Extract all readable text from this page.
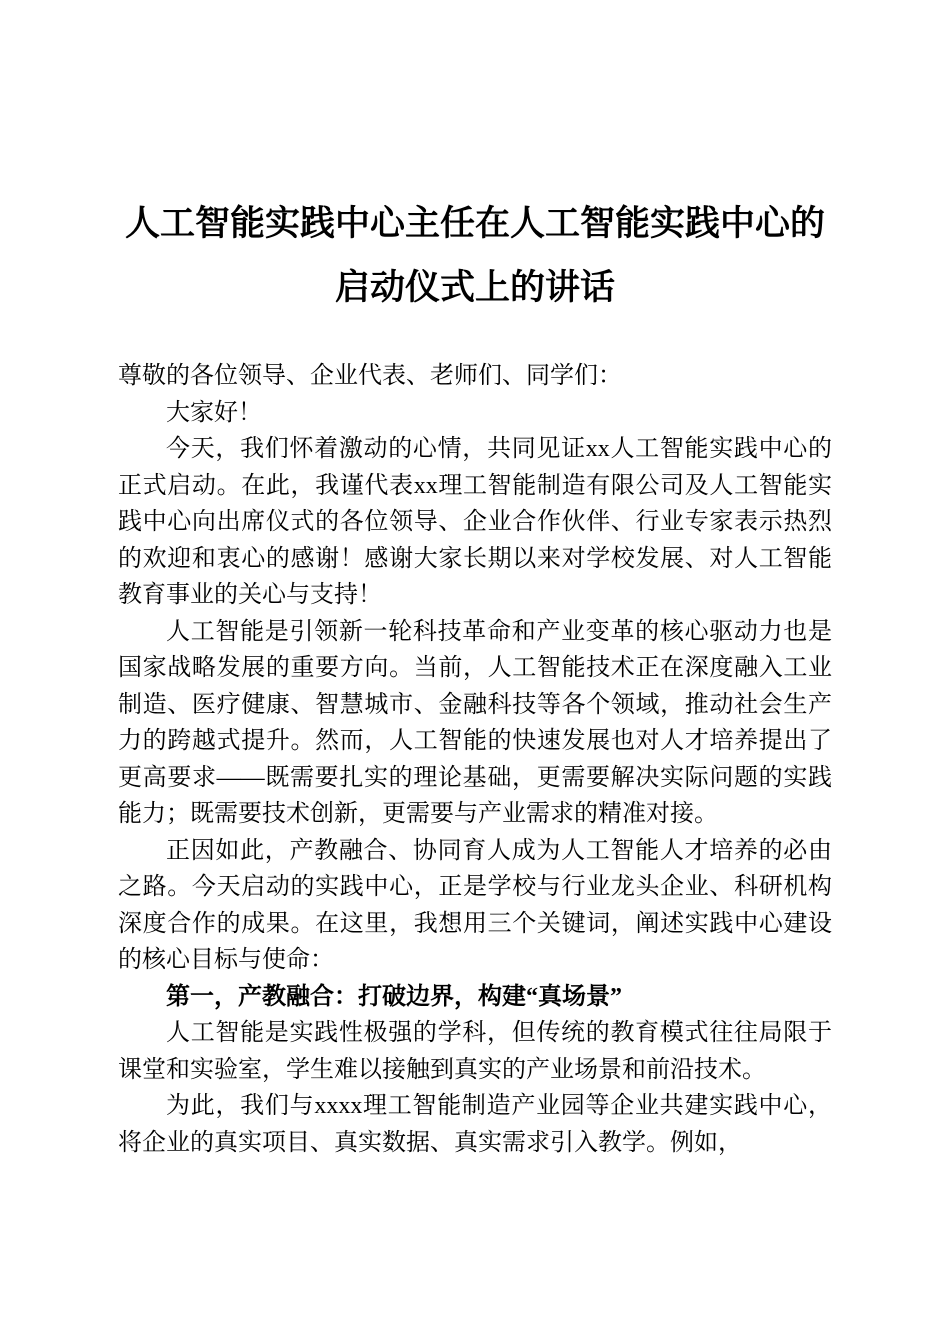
人工智能实践中心主任在人工智能实践中心的
启动仪式上的讲话

尊敬的各位领导、企业代表、老师们、同学们：

大家好！

今天，我们怀着激动的心情，共同见证xx人工智能实践中心的正式启动。在此，我谨代表xx理工智能制造有限公司及人工智能实践中心向出席仪式的各位领导、企业合作伙伴、行业专家表示热烈的欢迎和衷心的感谢！感谢大家长期以来对学校发展、对人工智能教育事业的关心与支持！

人工智能是引领新一轮科技革命和产业变革的核心驱动力也是国家战略发展的重要方向。当前，人工智能技术正在深度融入工业制造、医疗健康、智慧城市、金融科技等各个领域，推动社会生产力的跨越式提升。然而，人工智能的快速发展也对人才培养提出了更高要求——既需要扎实的理论基础，更需要解决实际问题的实践能力；既需要技术创新，更需要与产业需求的精准对接。

正因如此，产教融合、协同育人成为人工智能人才培养的必由之路。今天启动的实践中心，正是学校与行业龙头企业、科研机构深度合作的成果。在这里，我想用三个关键词，阐述实践中心建设的核心目标与使命：

第一，产教融合：打破边界，构建“真场景”

人工智能是实践性极强的学科，但传统的教育模式往往局限于课堂和实验室，学生难以接触到真实的产业场景和前沿技术。

为此，我们与xxxx理工智能制造产业园等企业共建实践中心，将企业的真实项目、真实数据、真实需求引入教学。例如，
